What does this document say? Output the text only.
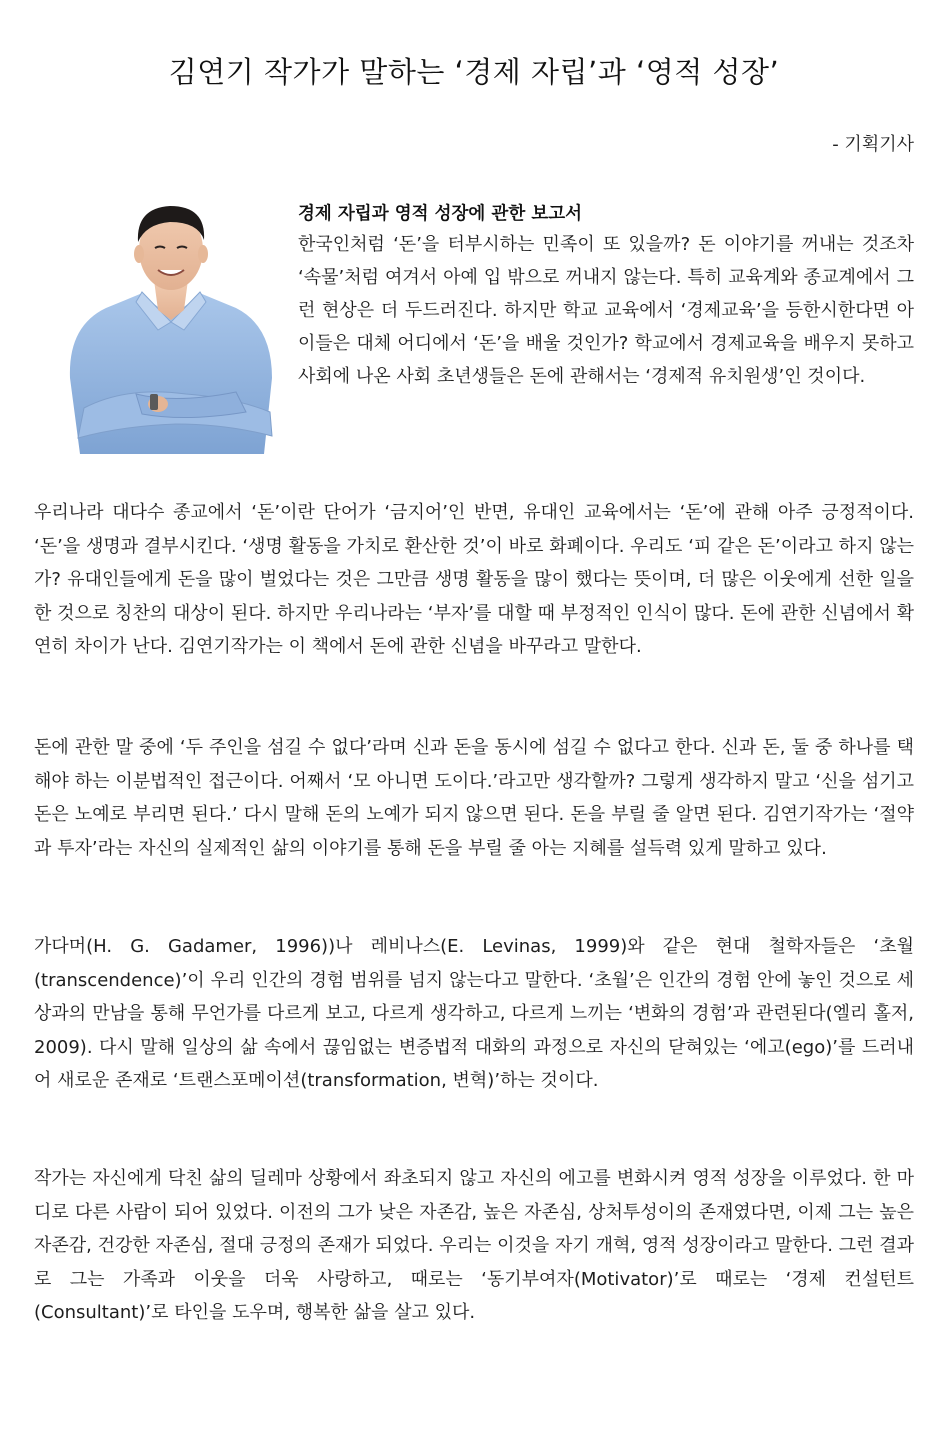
김연기 작가가 말하는 ‘경제 자립’과 ‘영적 성장’
- 기획기사
경제 자립과 영적 성장에 관한 보고서

한국인처럼 ‘돈’을 터부시하는 민족이 또 있을까? 돈 이야기를 꺼내는 것조차 ‘속물’처럼 여겨서 아예 입 밖으로 꺼내지 않는다. 특히 교육계와 종교계에서 그런 현상은 더 두드러진다. 하지만 학교 교육에서 ‘경제교육’을 등한시한다면 아이들은 대체 어디에서 ‘돈’을 배울 것인가? 학교에서 경제교육을 배우지 못하고 사회에 나온 사회 초년생들은 돈에 관해서는 ‘경제적 유치원생’인 것이다.

우리나라 대다수 종교에서 ‘돈’이란 단어가 ‘금지어’인 반면, 유대인 교육에서는 ‘돈’에 관해 아주 긍정적이다. ‘돈’을 생명과 결부시킨다. ‘생명 활동을 가치로 환산한 것’이 바로 화폐이다. 우리도 ‘피 같은 돈’이라고 하지 않는가? 유대인들에게 돈을 많이 벌었다는 것은 그만큼 생명 활동을 많이 했다는 뜻이며, 더 많은 이웃에게 선한 일을 한 것으로 칭찬의 대상이 된다. 하지만 우리나라는 ‘부자’를 대할 때 부정적인 인식이 많다. 돈에 관한 신념에서 확연히 차이가 난다. 김연기작가는 이 책에서 돈에 관한 신념을 바꾸라고 말한다.

돈에 관한 말 중에 ‘두 주인을 섬길 수 없다’라며 신과 돈을 동시에 섬길 수 없다고 한다. 신과 돈, 둘 중 하나를 택해야 하는 이분법적인 접근이다. 어째서 ‘모 아니면 도이다.’라고만 생각할까? 그렇게 생각하지 말고 ‘신을 섬기고 돈은 노예로 부리면 된다.’ 다시 말해 돈의 노예가 되지 않으면 된다. 돈을 부릴 줄 알면 된다. 김연기작가는 ‘절약과 투자’라는 자신의 실제적인 삶의 이야기를 통해 돈을 부릴 줄 아는 지혜를 설득력 있게 말하고 있다.

가다머(H. G. Gadamer, 1996))나 레비나스(E. Levinas, 1999)와 같은 현대 철학자들은 ‘초월(transcendence)’이 우리 인간의 경험 범위를 넘지 않는다고 말한다. ‘초월’은 인간의 경험 안에 놓인 것으로 세상과의 만남을 통해 무언가를 다르게 보고, 다르게 생각하고, 다르게 느끼는 ‘변화의 경험’과 관련된다(엘리 홀저, 2009). 다시 말해 일상의 삶 속에서 끊임없는 변증법적 대화의 과정으로 자신의 닫혀있는 ‘에고(ego)’를 드러내어 새로운 존재로 ‘트랜스포메이션(transformation, 변혁)’하는 것이다.

작가는 자신에게 닥친 삶의 딜레마 상황에서 좌초되지 않고 자신의 에고를 변화시켜 영적 성장을 이루었다. 한 마디로 다른 사람이 되어 있었다. 이전의 그가 낮은 자존감, 높은 자존심, 상처투성이의 존재였다면, 이제 그는 높은 자존감, 건강한 자존심, 절대 긍정의 존재가 되었다. 우리는 이것을 자기 개혁, 영적 성장이라고 말한다. 그런 결과로 그는 가족과 이웃을 더욱 사랑하고, 때로는 ‘동기부여자(Motivator)’로 때로는 ‘경제 컨설턴트(Consultant)’로 타인을 도우며, 행복한 삶을 살고 있다.
